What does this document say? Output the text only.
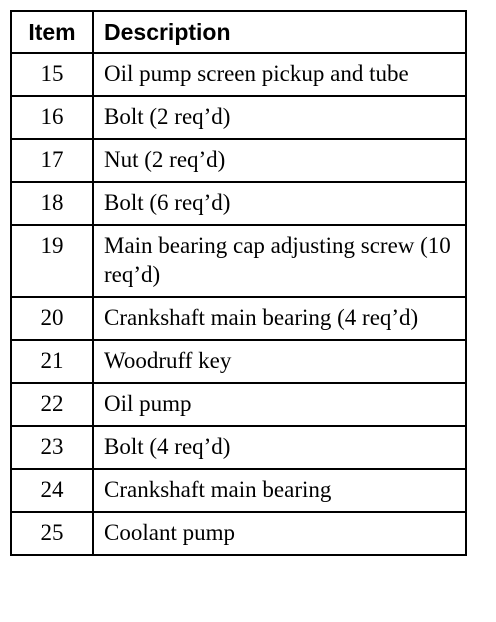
Item	Description
15	Oil pump screen pickup and tube
16	Bolt (2 req’d)
17	Nut (2 req’d)
18	Bolt (6 req’d)
19	Main bearing cap adjusting screw (10 req’d)
20	Crankshaft main bearing (4 req’d)
21	Woodruff key
22	Oil pump
23	Bolt (4 req’d)
24	Crankshaft main bearing
25	Coolant pump
